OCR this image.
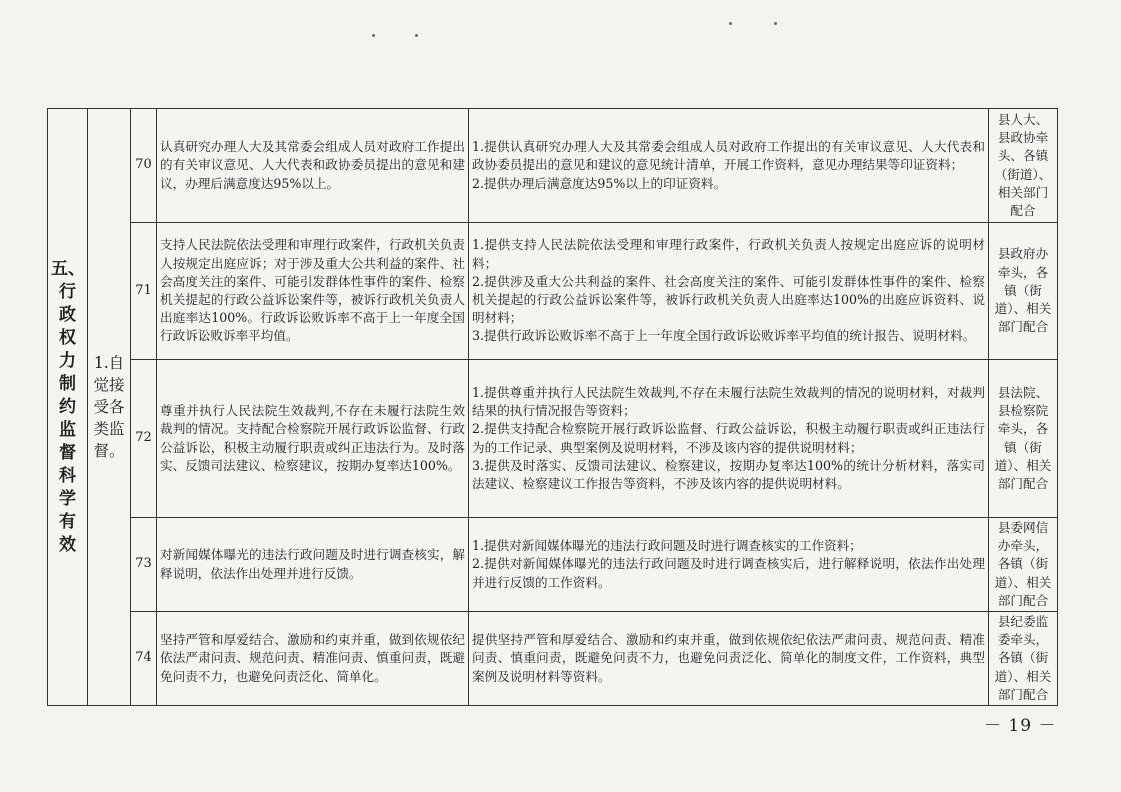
五、行政权力制约监督科学有效	1.自觉接受各类监督。	70	认真研究办理人大及其常委会组成人员对政府工作提出的有关审议意见、人大代表和政协委员提出的意见和建议，办理后满意度达95%以上。	1.提供认真研究办理人大及其常委会组成人员对政府工作提出的有关审议意见、人大代表和政协委员提出的意见和建议的意见统计清单，开展工作资料，意见办理结果等印证资料；
2.提供办理后满意度达95%以上的印证资料。	县人大、县政协牵头、各镇（街道）、相关部门配合
		71	支持人民法院依法受理和审理行政案件，行政机关负责人按规定出庭应诉；对于涉及重大公共利益的案件、社会高度关注的案件、可能引发群体性事件的案件、检察机关提起的行政公益诉讼案件等，被诉行政机关负责人出庭率达100%。行政诉讼败诉率不高于上一年度全国行政诉讼败诉率平均值。	1.提供支持人民法院依法受理和审理行政案件，行政机关负责人按规定出庭应诉的说明材料；
2.提供涉及重大公共利益的案件、社会高度关注的案件、可能引发群体性事件的案件、检察机关提起的行政公益诉讼案件等，被诉行政机关负责人出庭率达100%的出庭应诉资料、说明材料；
3.提供行政诉讼败诉率不高于上一年度全国行政诉讼败诉率平均值的统计报告、说明材料。	县政府办牵头，各镇（街道）、相关部门配合
		72	尊重并执行人民法院生效裁判,不存在未履行法院生效裁判的情况。支持配合检察院开展行政诉讼监督、行政公益诉讼，积极主动履行职责或纠正违法行为。及时落实、反馈司法建议、检察建议，按期办复率达100%。	1.提供尊重并执行人民法院生效裁判,不存在未履行法院生效裁判的情况的说明材料，对裁判结果的执行情况报告等资料；
2.提供支持配合检察院开展行政诉讼监督、行政公益诉讼，积极主动履行职责或纠正违法行为的工作记录、典型案例及说明材料，不涉及该内容的提供说明材料；
3.提供及时落实、反馈司法建议、检察建议，按期办复率达100%的统计分析材料，落实司法建议、检察建议工作报告等资料，不涉及该内容的提供说明材料。	县法院、县检察院牵头，各镇（街道）、相关部门配合
		73	对新闻媒体曝光的违法行政问题及时进行调查核实，解释说明，依法作出处理并进行反馈。	1.提供对新闻媒体曝光的违法行政问题及时进行调查核实的工作资料；
2.提供对新闻媒体曝光的违法行政问题及时进行调查核实后，进行解释说明，依法作出处理并进行反馈的工作资料。	县委网信办牵头，各镇（街道）、相关部门配合
		74	坚持严管和厚爱结合、激励和约束并重，做到依规依纪依法严肃问责、规范问责、精准问责、慎重问责，既避免问责不力，也避免问责泛化、简单化。	提供坚持严管和厚爱结合、激励和约束并重，做到依规依纪依法严肃问责、规范问责、精准问责、慎重问责，既避免问责不力，也避免问责泛化、简单化的制度文件，工作资料，典型案例及说明材料等资料。	县纪委监委牵头，各镇（街道）、相关部门配合
－ 19 －
